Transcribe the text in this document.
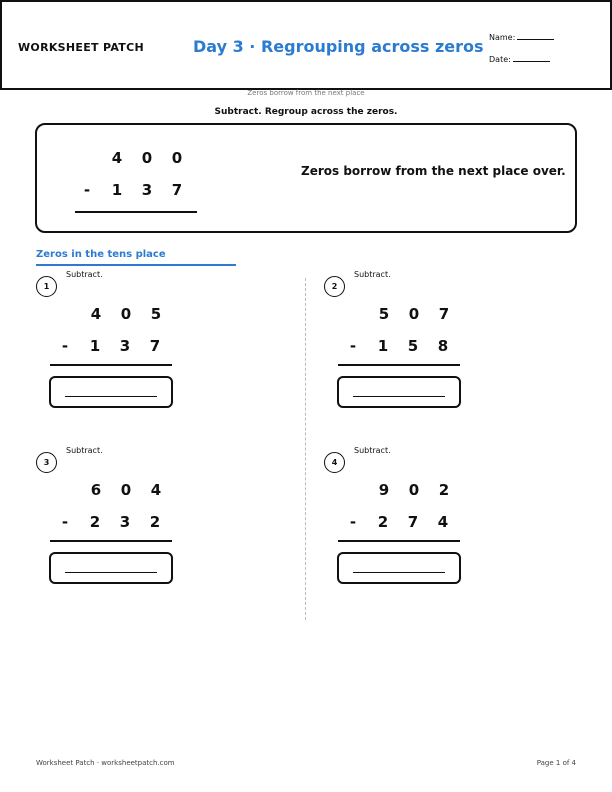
WORKSHEET PATCH	Day 3 · Regrouping across zeros Name:
Date:
Zeros borrow from the next place
Subtract. Regroup across the zeros.
4	0	0
-	1	3	7
Zeros borrow from the next place over.
Zeros in the tens place
1
Subtract.
4	0	5
-	1	3	7
2
Subtract.
5	0	7
-	1	5	8
3
Subtract.
6	0	4
-	2	3	2
4
Subtract.
9	0	2
-	2	7	4
Worksheet Patch · worksheetpatch.com	Page 1 of 4
